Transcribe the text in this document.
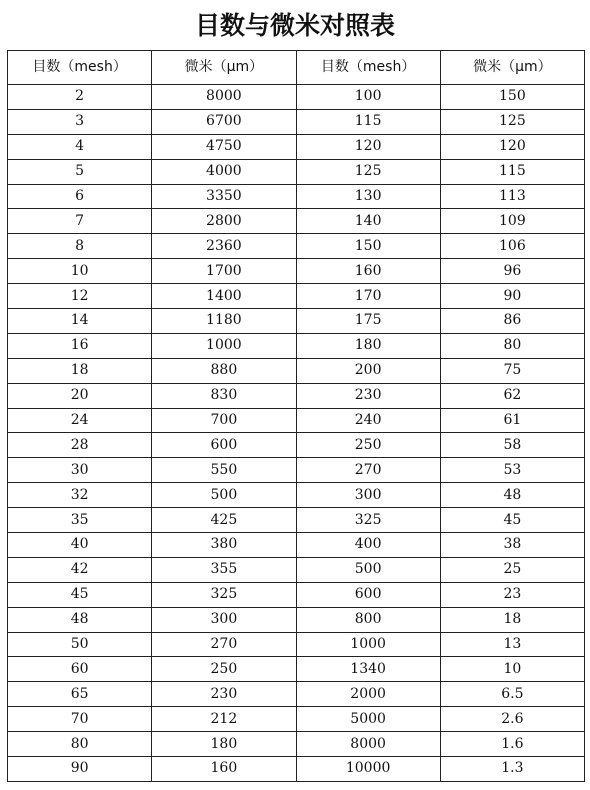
目数与微米对照表
目数（mesh）	微米（μm）	目数（mesh）	微米（μm）
2	8000	100	150
3	6700	115	125
4	4750	120	120
5	4000	125	115
6	3350	130	113
7	2800	140	109
8	2360	150	106
10	1700	160	96
12	1400	170	90
14	1180	175	86
16	1000	180	80
18	880	200	75
20	830	230	62
24	700	240	61
28	600	250	58
30	550	270	53
32	500	300	48
35	425	325	45
40	380	400	38
42	355	500	25
45	325	600	23
48	300	800	18
50	270	1000	13
60	250	1340	10
65	230	2000	6.5
70	212	5000	2.6
80	180	8000	1.6
90	160	10000	1.3
